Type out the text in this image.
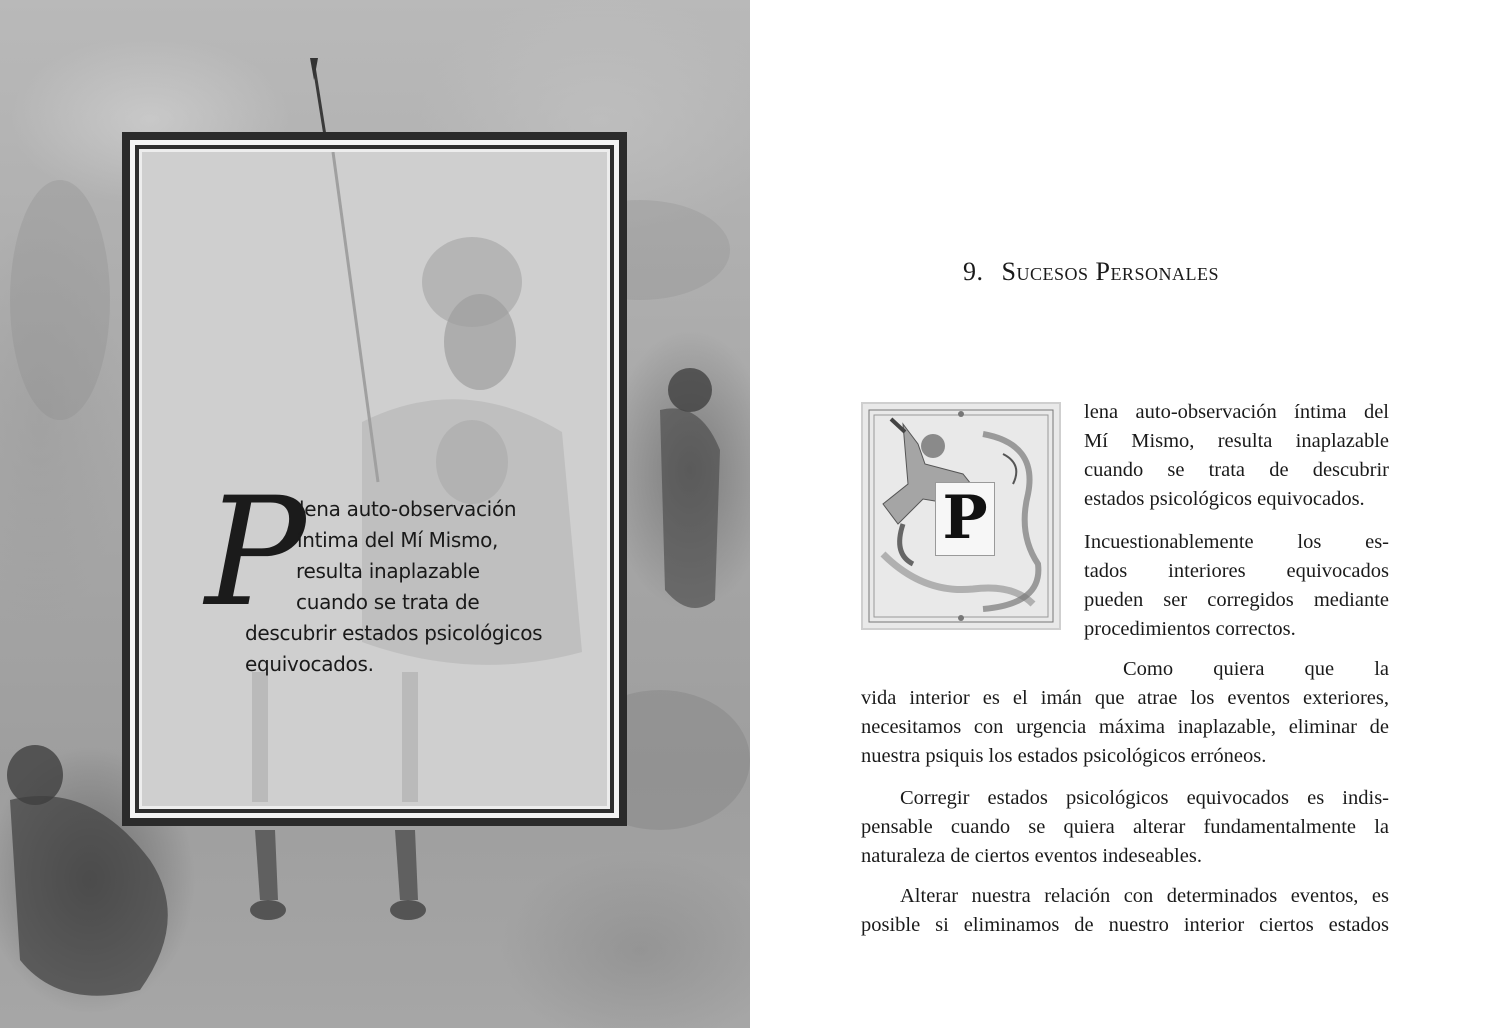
P
lena auto-observación
íntima del Mí Mismo,
resulta inaplazable
cuando se trata de
descubrir estados psicológicos
equivocados.
9. Sucesos Personales
P
lena auto-observación íntima del
Mí Mismo, resulta inaplazable
cuando se trata de descubrir
estados psicológicos equivocados.
Incuestionablemente los es-
tados interiores equivocados
pueden ser corregidos mediante
procedimientos correctos.
Como quiera que la
vida interior es el imán que atrae los eventos exteriores,
necesitamos con urgencia máxima inaplazable, eliminar de
nuestra psiquis los estados psicológicos erróneos.
Corregir estados psicológicos equivocados es indis-
pensable cuando se quiera alterar fundamentalmente la
naturaleza de ciertos eventos indeseables.
Alterar nuestra relación con determinados eventos, es
posible si eliminamos de nuestro interior ciertos estados
